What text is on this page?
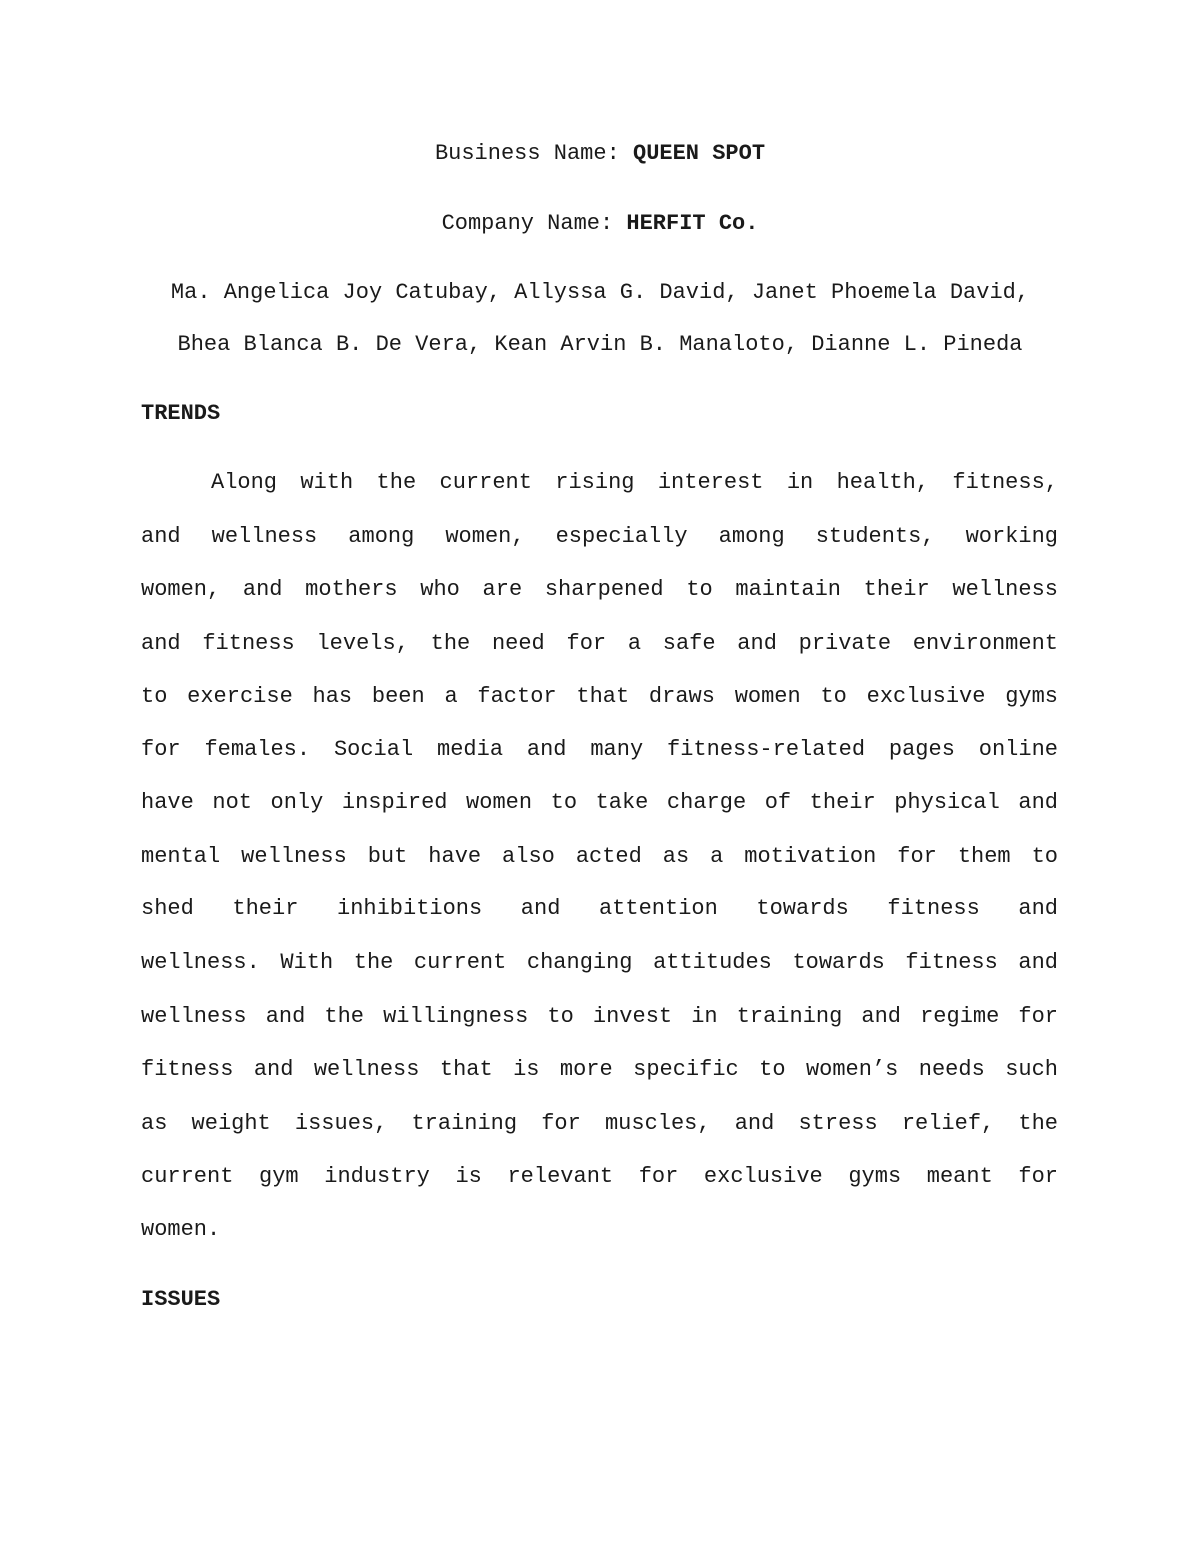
Business Name: QUEEN SPOT
Company Name: HERFIT Co.
Ma. Angelica Joy Catubay, Allyssa G. David, Janet Phoemela David,
Bhea Blanca B. De Vera, Kean Arvin B. Manaloto, Dianne L. Pineda
TRENDS
Along with the current rising interest in health, fitness,
and wellness among women, especially among students, working
women, and mothers who are sharpened to maintain their wellness
and fitness levels, the need for a safe and private environment
to exercise has been a factor that draws women to exclusive gyms
for females. Social media and many fitness-related pages online
have not only inspired women to take charge of their physical and
mental wellness but have also acted as a motivation for them to
shed their inhibitions and attention towards fitness and
wellness. With the current changing attitudes towards fitness and
wellness and the willingness to invest in training and regime for
fitness and wellness that is more specific to women’s needs such
as weight issues, training for muscles, and stress relief, the
current gym industry is relevant for exclusive gyms meant for
women.
ISSUES
